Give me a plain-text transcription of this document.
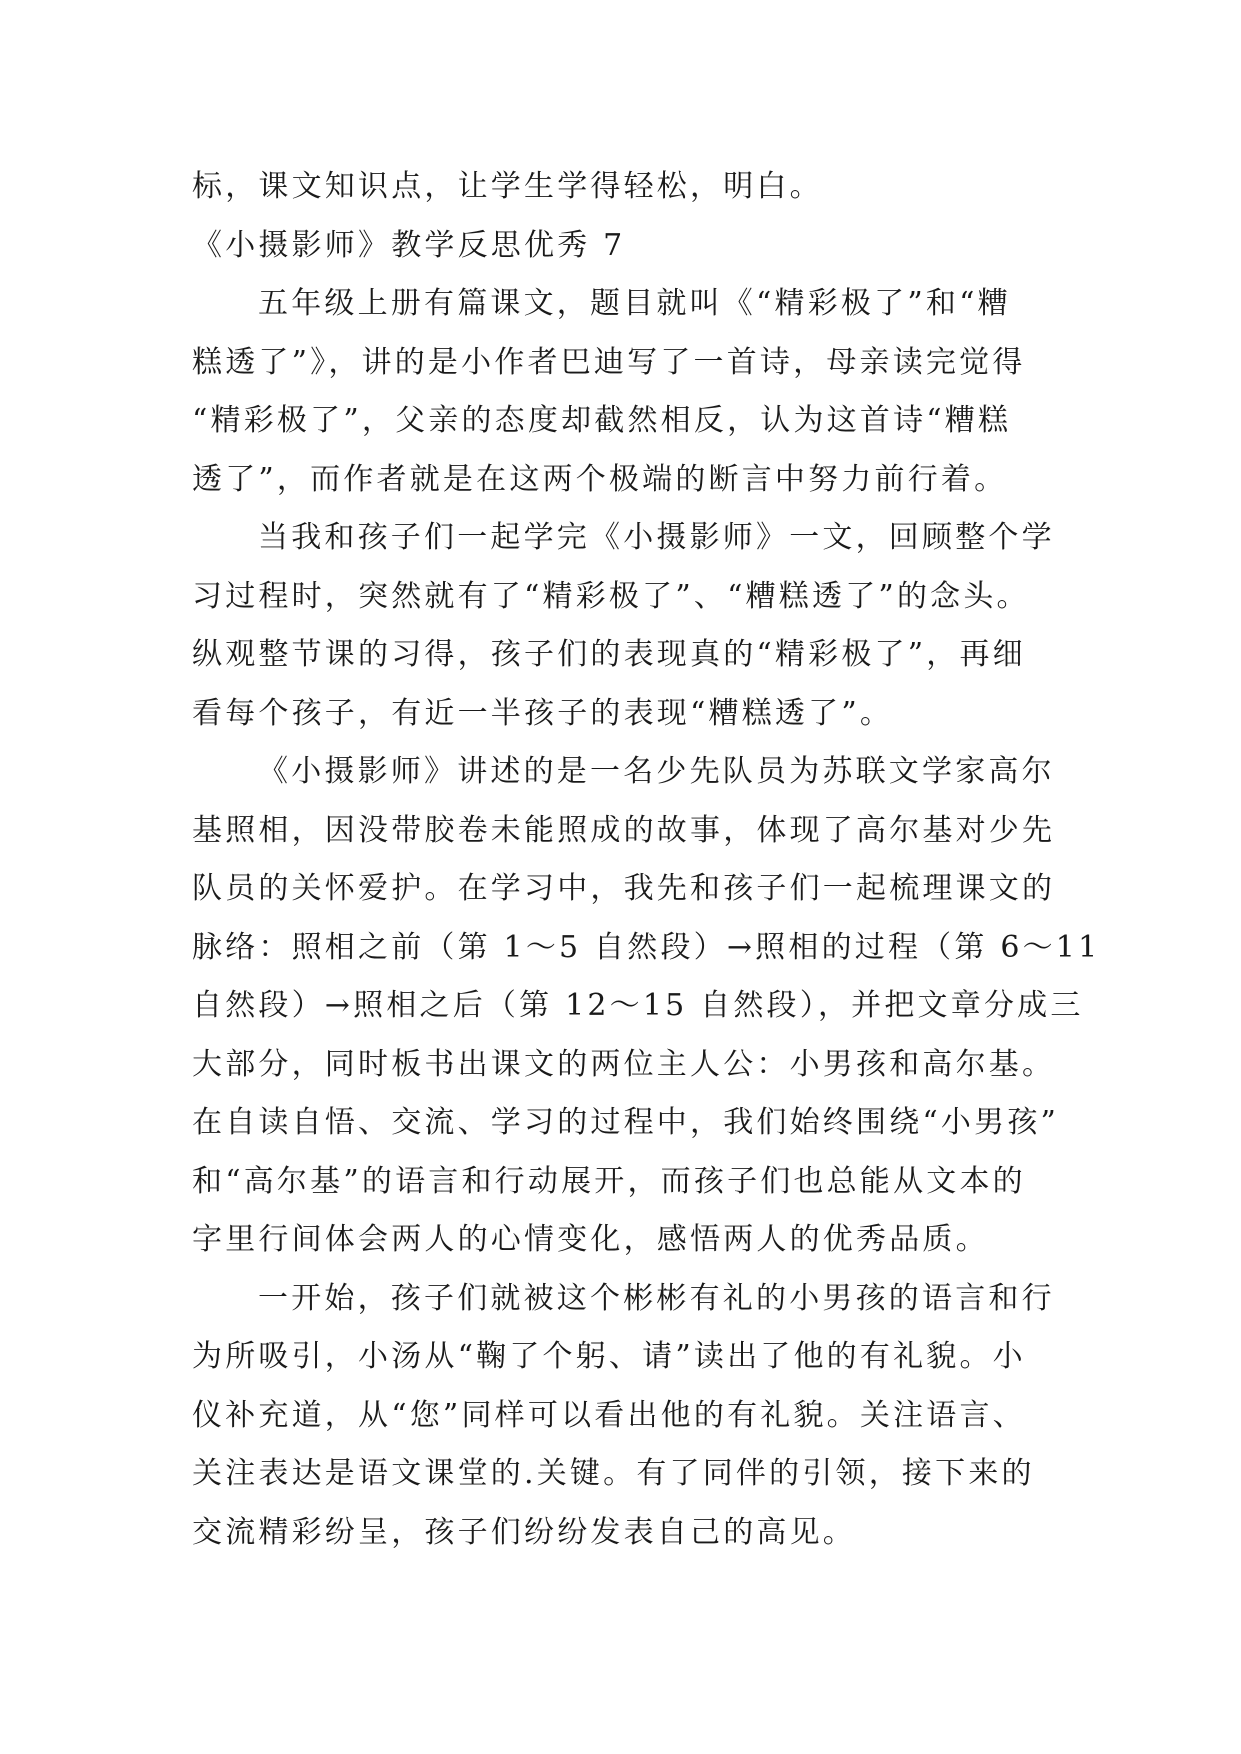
标，课文知识点，让学生学得轻松，明白。
《小摄影师》教学反思优秀 7
五年级上册有篇课文，题目就叫《“精彩极了”和“糟
糕透了”》，讲的是小作者巴迪写了一首诗，母亲读完觉得
“精彩极了”，父亲的态度却截然相反，认为这首诗“糟糕
透了”，而作者就是在这两个极端的断言中努力前行着。
当我和孩子们一起学完《小摄影师》一文，回顾整个学
习过程时，突然就有了“精彩极了”、“糟糕透了”的念头。
纵观整节课的习得，孩子们的表现真的“精彩极了”，再细
看每个孩子，有近一半孩子的表现“糟糕透了”。
《小摄影师》讲述的是一名少先队员为苏联文学家高尔
基照相，因没带胶卷未能照成的故事，体现了高尔基对少先
队员的关怀爱护。在学习中，我先和孩子们一起梳理课文的
脉络：照相之前（第 1～5 自然段）→照相的过程（第 6～11
自然段）→照相之后（第 12～15 自然段），并把文章分成三
大部分，同时板书出课文的两位主人公：小男孩和高尔基。
在自读自悟、交流、学习的过程中，我们始终围绕“小男孩”
和“高尔基”的语言和行动展开，而孩子们也总能从文本的
字里行间体会两人的心情变化，感悟两人的优秀品质。
一开始，孩子们就被这个彬彬有礼的小男孩的语言和行
为所吸引，小汤从“鞠了个躬、请”读出了他的有礼貌。小
仪补充道，从“您”同样可以看出他的有礼貌。关注语言、
关注表达是语文课堂的.关键。有了同伴的引领，接下来的
交流精彩纷呈，孩子们纷纷发表自己的高见。
